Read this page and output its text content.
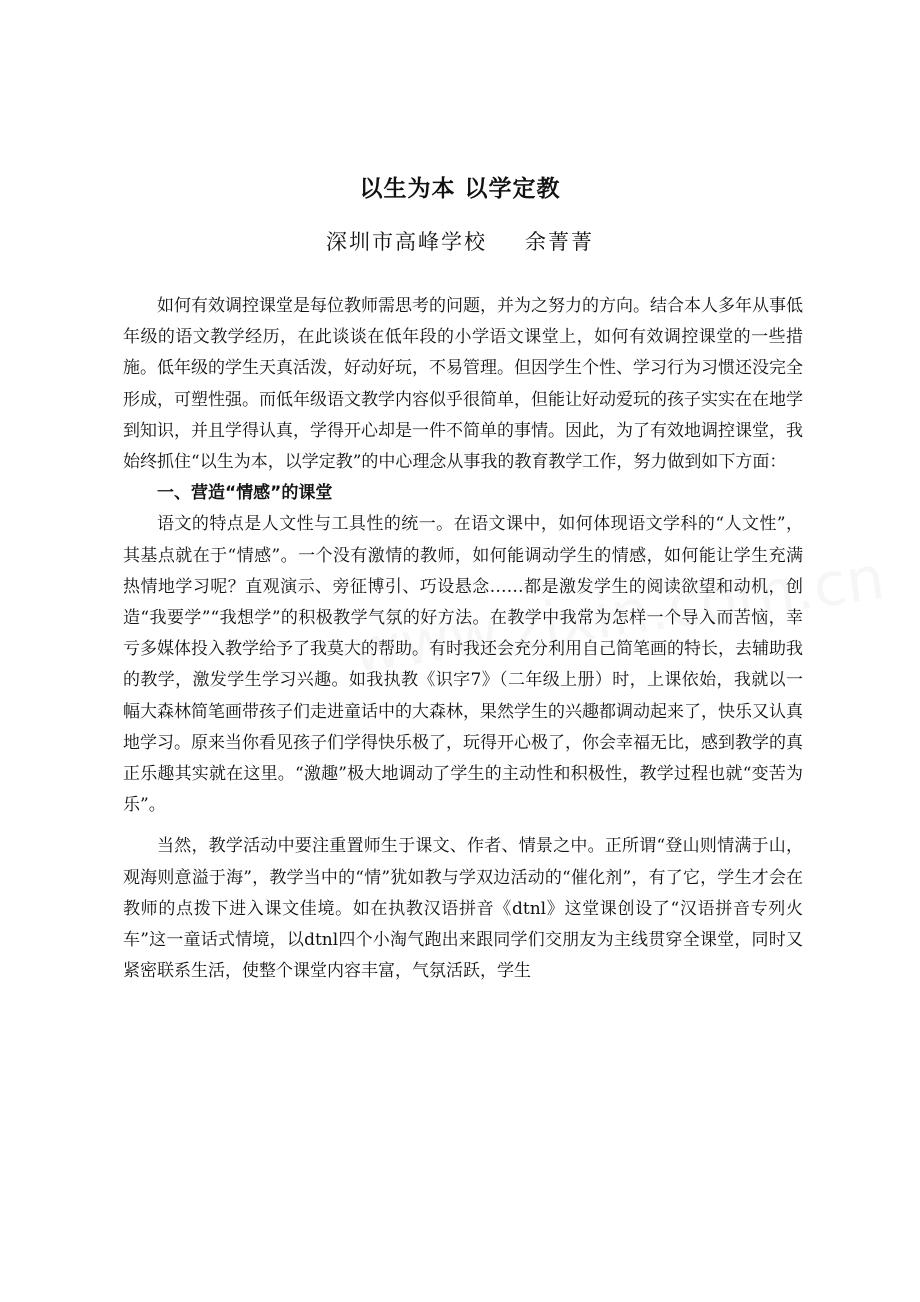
以生为本 以学定教
深圳市高峰学校 余菁菁

如何有效调控课堂是每位教师需思考的问题，并为之努力的方向。结合本人多年从事低年级的语文教学经历，在此谈谈在低年段的小学语文课堂上，如何有效调控课堂的一些措施。低年级的学生天真活泼，好动好玩，不易管理。但因学生个性、学习行为习惯还没完全形成，可塑性强。而低年级语文教学内容似乎很简单，但能让好动爱玩的孩子实实在在地学到知识，并且学得认真，学得开心却是一件不简单的事情。因此，为了有效地调控课堂，我始终抓住“以生为本，以学定教”的中心理念从事我的教育教学工作，努力做到如下方面：

一、营造“情感”的课堂

语文的特点是人文性与工具性的统一。在语文课中，如何体现语文学科的“人文性”，其基点就在于“情感”。一个没有激情的教师，如何能调动学生的情感，如何能让学生充满热情地学习呢？直观演示、旁征博引、巧设悬念……都是激发学生的阅读欲望和动机，创造“我要学”“我想学”的积极教学气氛的好方法。在教学中我常为怎样一个导入而苦恼，幸亏多媒体投入教学给予了我莫大的帮助。有时我还会充分利用自己简笔画的特长，去辅助我的教学，激发学生学习兴趣。如我执教《识字7》（二年级上册）时，上课依始，我就以一幅大森林简笔画带孩子们走进童话中的大森林，果然学生的兴趣都调动起来了，快乐又认真地学习。原来当你看见孩子们学得快乐极了，玩得开心极了，你会幸福无比，感到教学的真正乐趣其实就在这里。“激趣”极大地调动了学生的主动性和积极性，教学过程也就“变苦为乐”。

当然，教学活动中要注重置师生于课文、作者、情景之中。正所谓“登山则情满于山，观海则意溢于海”，教学当中的“情”犹如教与学双边活动的“催化剂”，有了它，学生才会在教师的点拨下进入课文佳境。如在执教汉语拼音《dtnl》这堂课创设了“汉语拼音专列火车”这一童话式情境，以dtnl四个小淘气跑出来跟同学们交朋友为主线贯穿全课堂，同时又紧密联系生活，使整个课堂内容丰富，气氛活跃，学生
